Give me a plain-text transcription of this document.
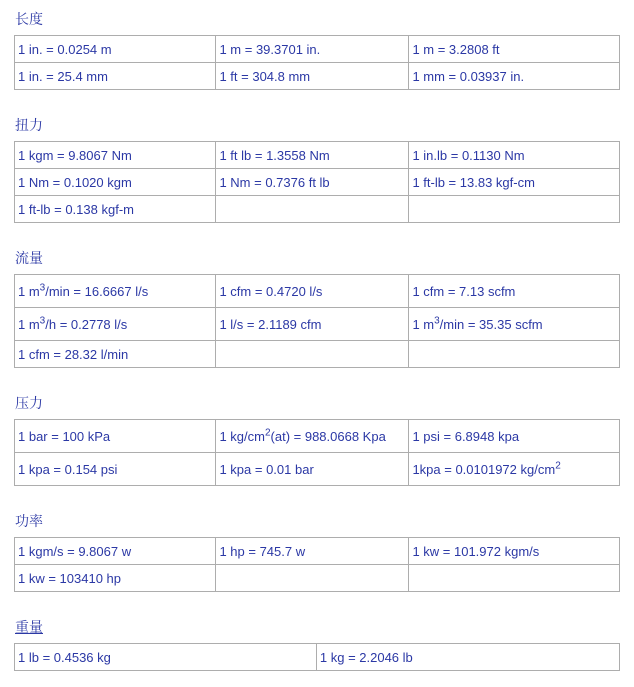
长度
1 in. = 0.0254 m	1 m = 39.3701 in.	1 m = 3.2808 ft
1 in. = 25.4 mm	1 ft = 304.8 mm	1 mm = 0.03937 in.
扭力
1 kgm = 9.8067 Nm	1 ft lb = 1.3558 Nm	1 in.lb = 0.1130 Nm
1 Nm = 0.1020 kgm	1 Nm = 0.7376 ft lb	1 ft-lb = 13.83 kgf-cm
1 ft-lb = 0.138 kgf-m		
流量
1 $m^3/\min = 16.6667$ l/s	1 cfm = 0.4720 l/s	1 cfm = 7.13 scfm
1 $m^3/h = 0.2778$ l/s	1 l/s = 2.1189 cfm	1 $m^3/\min = 35.35$ scfm
1 cfm = 28.32 l/min		
压力
1 bar = 100 kPa	1 $kg/cm^2(at) = 988.0668$ Kpa	1 psi = 6.8948 kpa
1 kpa = 0.154 psi	1 kpa = 0.01 bar	1kpa = 0.0101972 $kg/cm^2$
功率
1 kgm/s = 9.8067 w	1 hp = 745.7 w	1 kw = 101.972 kgm/s
1 kw = 103410 hp		
重量
1 lb = 0.4536 kg	1 kg = 2.2046 lb
